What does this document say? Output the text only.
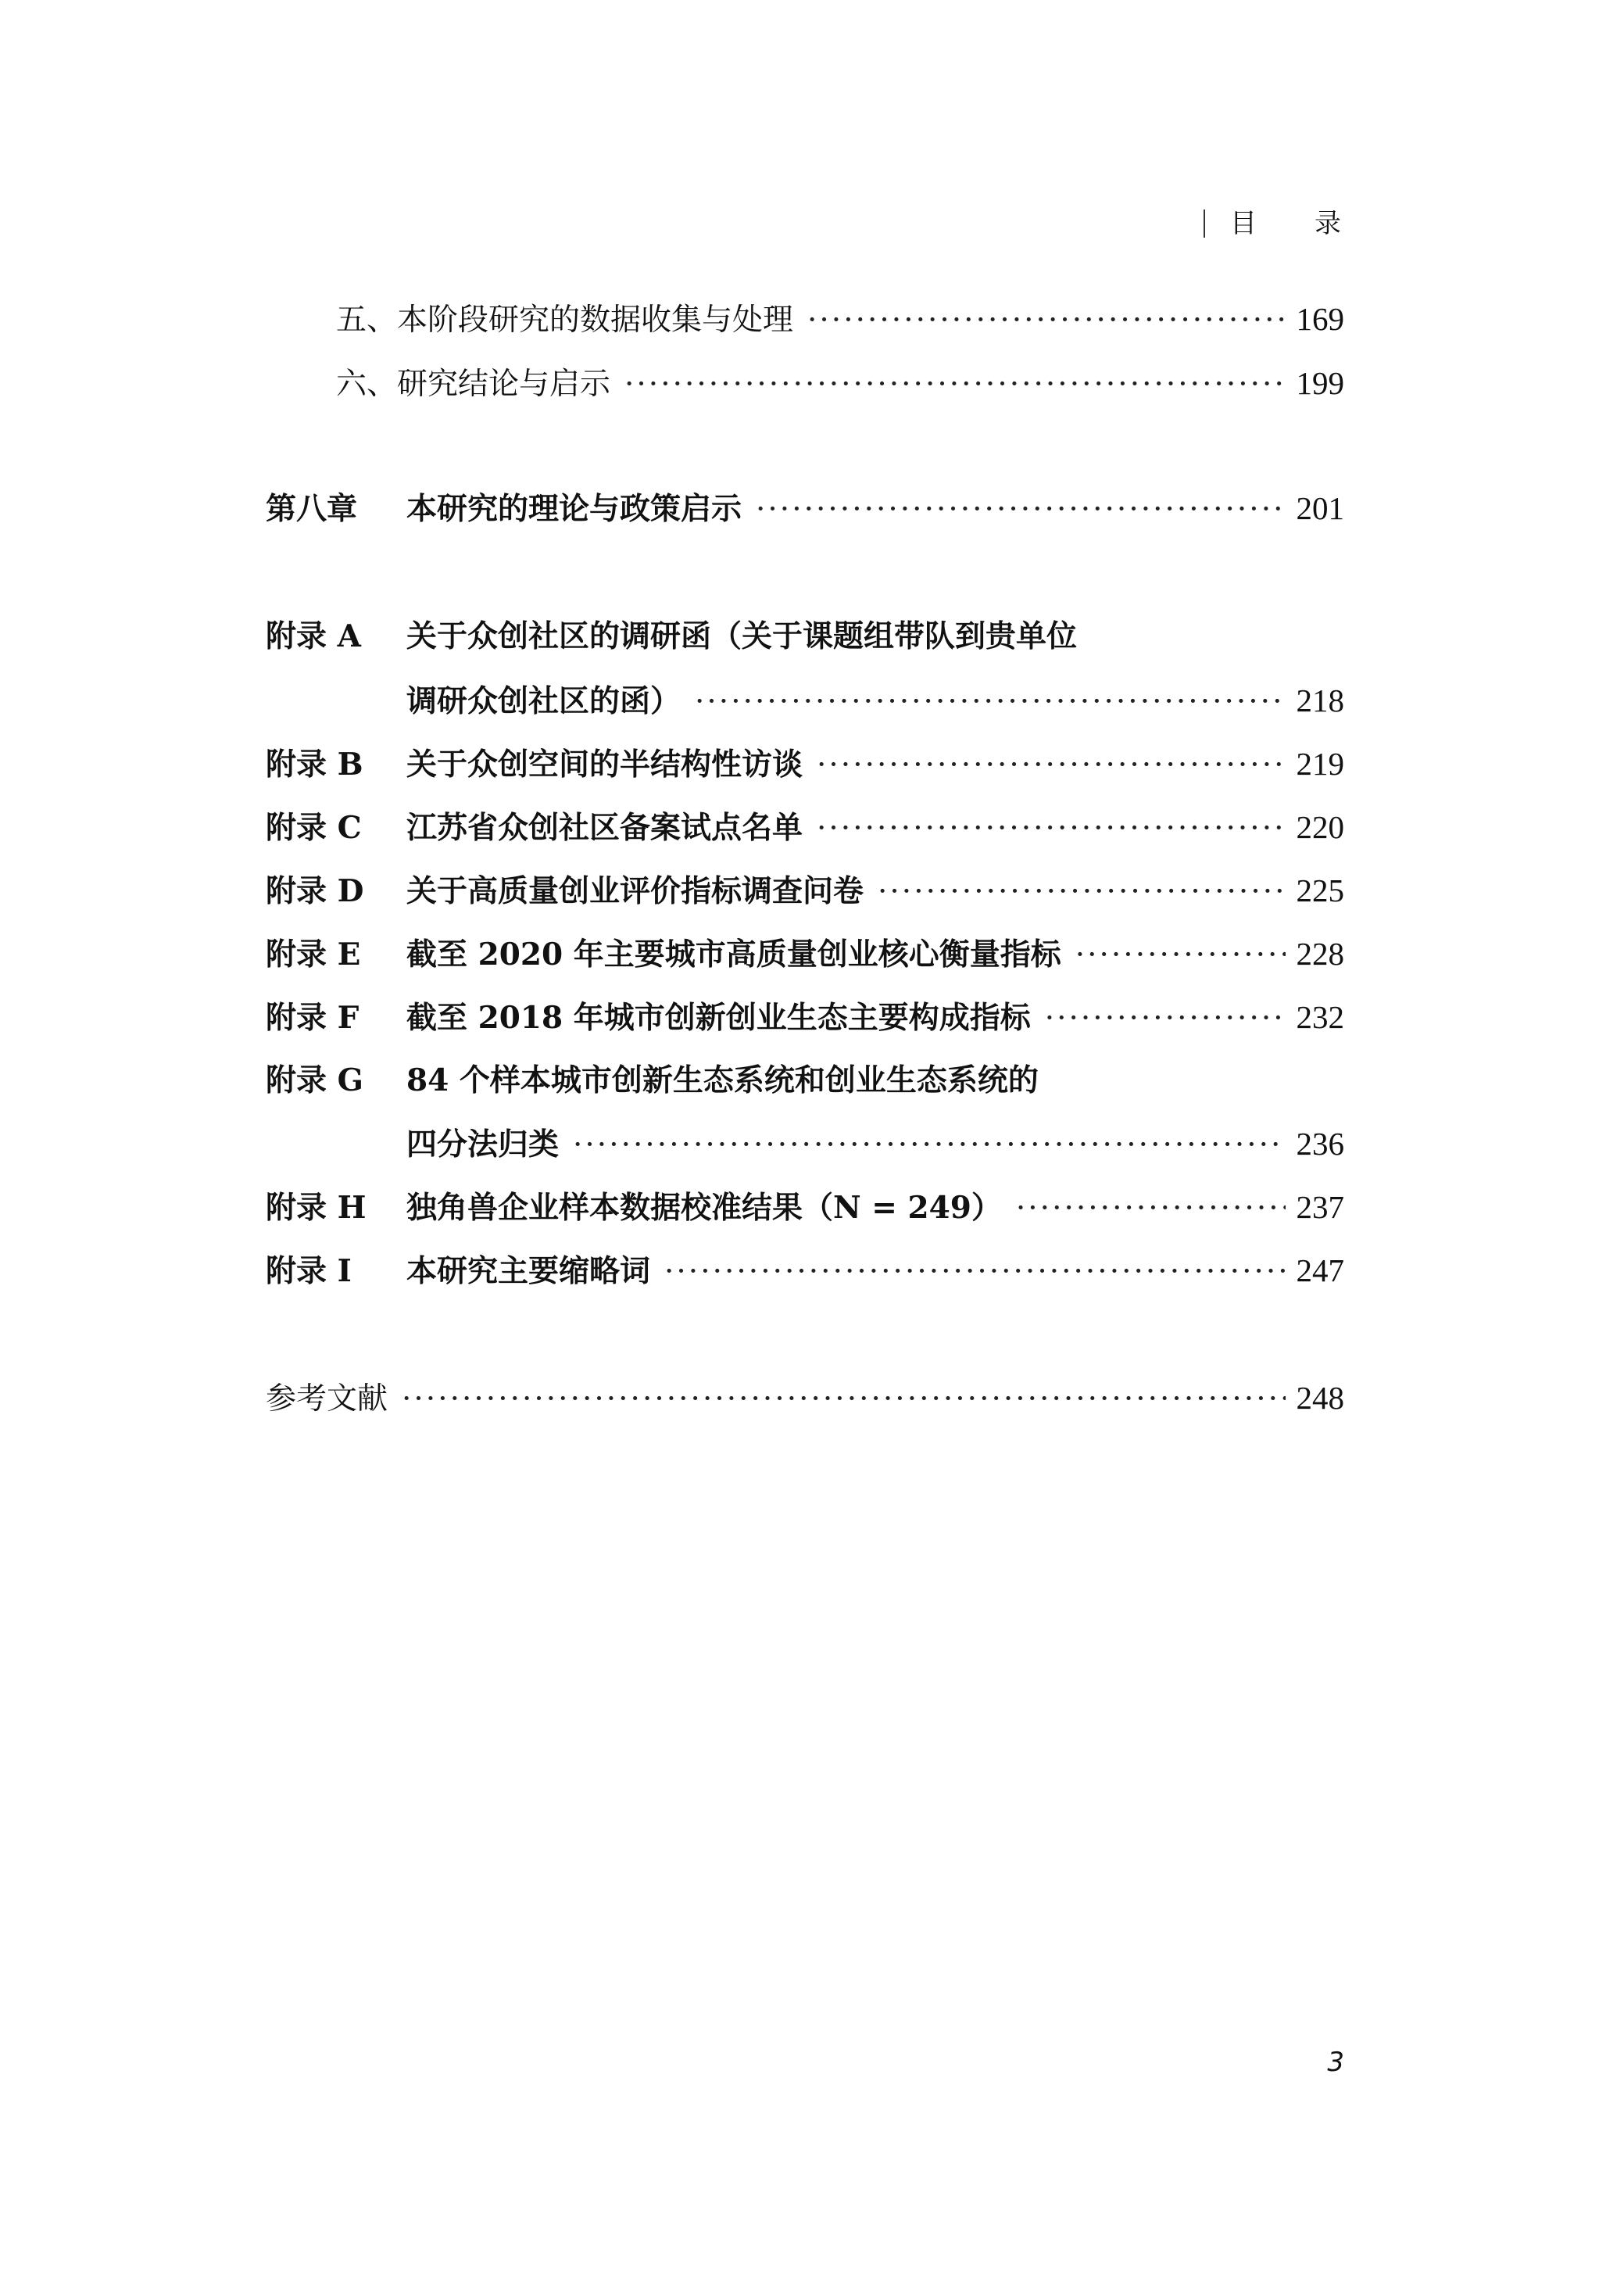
目 录
五、本阶段研究的数据收集与处理 ·····	169
六、研究结论与启示 ·····	199
第八章	本研究的理论与政策启示 ·····	201
附录 A	关于众创社区的调研函（关于课题组带队到贵单位
调研众创社区的函） ·····	218
附录 B	关于众创空间的半结构性访谈 ·····	219
附录 C	江苏省众创社区备案试点名单 ·····	220
附录 D	关于高质量创业评价指标调查问卷 ·····	225
附录 E	截至 2020 年主要城市高质量创业核心衡量指标 ·····	228
附录 F	截至 2018 年城市创新创业生态主要构成指标 ·····	232
附录 G	84 个样本城市创新生态系统和创业生态系统的
四分法归类 ·····	236
附录 H	独角兽企业样本数据校准结果（N = 249） ·····	237
附录 I	本研究主要缩略词 ·····	247
参考文献 ·····	248
3
